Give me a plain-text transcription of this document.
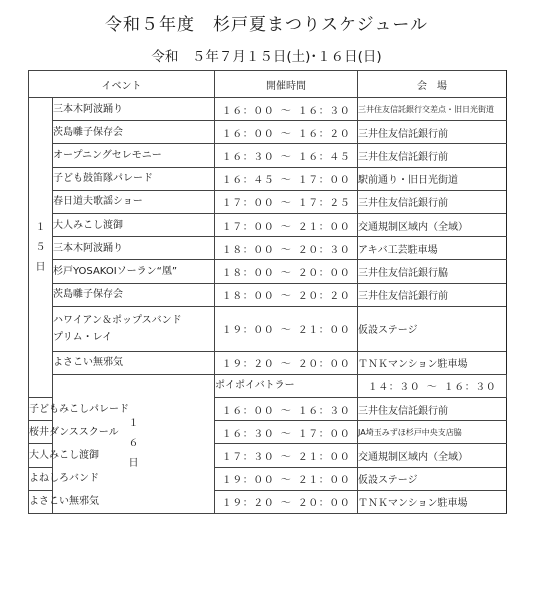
令和５年度　杉戸夏まつりスケジュール
令和　５年７月１５日(土)･１６日(日)
イベント		開催時間	会　場	
１５日	三本木阿波踊り	１６：００ ～ １６：３０	三井住友信託銀行交差点・旧日光街道	
	茨島囃子保存会	１６：００ ～ １６：２０	三井住友信託銀行前	
	オープニングセレモニー	１６：３０ ～ １６：４５	三井住友信託銀行前	
	子ども鼓笛隊パレード	１６：４５ ～ １７：００	駅前通り・旧日光街道	
	春日道夫歌謡ショー	１７：００ ～ １７：２５	三井住友信託銀行前	
	大人みこし渡御	１７：００ ～ ２１：００	交通規制区域内（全域）	
	三本木阿波踊り	１８：００ ～ ２０：３０	アキバ工芸駐車場	
	杉戸YOSAKOIソーラン“凰”	１８：００ ～ ２０：００	三井住友信託銀行脇	
	茨島囃子保存会	１８：００ ～ ２０：２０	三井住友信託銀行前	

	ハワイアン＆ポップスバンド
プリム・レイ	１９：００ ～ ２１：００	仮設ステージ	
	よさこい無邪気	１９：２０ ～ ２０：００	ＴＮＫマンション駐車場	
	１６日	ポイポイバトラー	１４：３０ ～ １６：３０	
子どもみこしパレード		１６：００ ～ １６：３０	三井住友信託銀行前	
桜井ダンススクール		１６：３０ ～ １７：００	JA埼玉みずほ杉戸中央支店脇	
大人みこし渡御		１７：３０ ～ ２１：００	交通規制区域内（全域）	
よねしろバンド		１９：００ ～ ２１：００	仮設ステージ	
よさこい無邪気		１９：２０ ～ ２０：００	ＴＮＫマンション駐車場	
